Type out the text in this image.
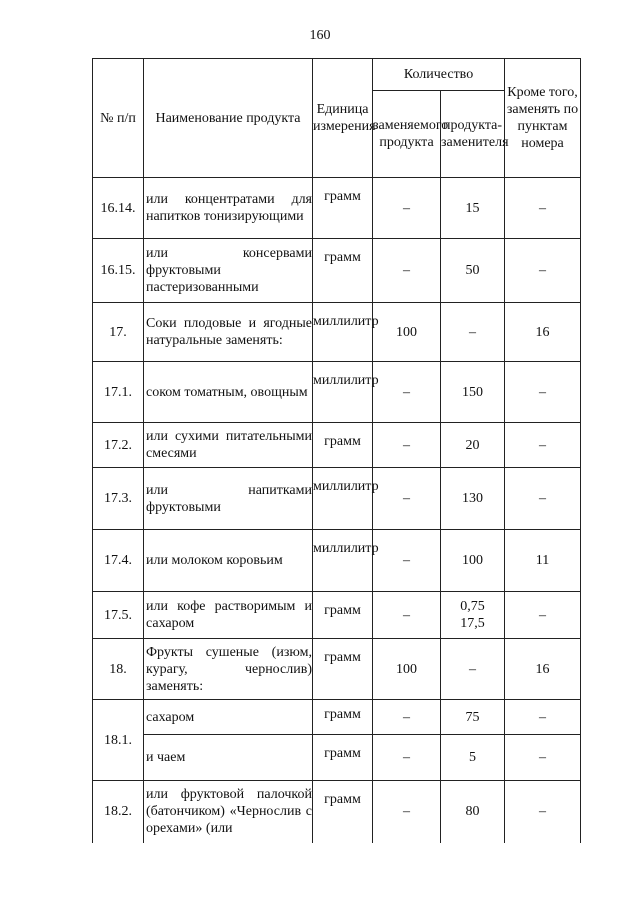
160
№ п/п	Наименование продукта	Единица измерения	Количество		Кроме того, заменять по пунктам номера
			заменяемого продукта	продукта-заменителя	
16.14.	или концентратами для напитков тонизирующими	грамм	–	15	–
16.15.	или консервами фруктовыми пастеризованными	грамм	–	50	–
17.	Соки плодовые и ягодные натуральные заменять:	миллилитр	100	–	16
17.1.	соком томатным, овощным	миллилитр	–	150	–
17.2.	или сухими питательными смесями	грамм	–	20	–
17.3.	или напитками фруктовыми	миллилитр	–	130	–
17.4.	или молоком коровьим	миллилитр	–	100	11
17.5.	или кофе растворимым и сахаром	грамм	–	0,75 17,5	–
18.	Фрукты сушеные (изюм, курагу, чернослив) заменять:	грамм	100	–	16
18.1.	сахаром	грамм	–	75	–

	и чаем	грамм	–	5	–
18.2.	или фруктовой палочкой (батончиком) «Чернослив с орехами» (или	грамм	–	80	–
